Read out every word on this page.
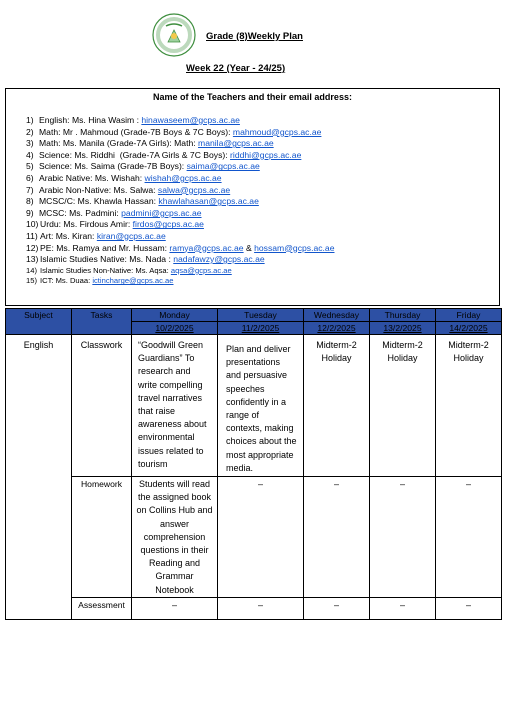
Grade (8)Weekly Plan
Week 22 (Year - 24/25)
Name of the Teachers and their email address:
1) English: Ms. Hina Wasim : hinawaseem@gcps.ac.ae
2) Math: Mr . Mahmoud (Grade-7B Boys & 7C Boys): mahmoud@gcps.ac.ae
3) Math: Ms. Manila (Grade-7A Girls): Math: manila@gcps.ac.ae
4) Science: Ms. Riddhi  (Grade-7A Girls & 7C Boys): riddhi@gcps.ac.ae
5) Science: Ms. Saima (Grade-7B Boys): saima@gcps.ac.ae
6) Arabic Native: Ms. Wishah: wishah@gcps.ac.ae
7) Arabic Non-Native: Ms. Salwa: salwa@gcps.ac.ae
8) MCSC/C: Ms. Khawla Hassan: khawlahasan@gcps.ac.ae
9) MCSC: Ms. Padmini: padmini@gcps.ac.ae
10) Urdu: Ms. Firdous Amir: firdos@gcps.ac.ae
11) Art: Ms. Kiran: kiran@gcps.ac.ae
12) PE: Ms. Ramya and Mr. Hussam: ramya@gcps.ac.ae & hossam@gcps.ac.ae
13) Islamic Studies Native: Ms. Nada : nadafawzy@gcps.ac.ae
14) Islamic Studies Non-Native: Ms. Aqsa: aqsa@gcps.ac.ae
15) ICT: Ms. Duaa: ictincharge@gcps.ac.ae
Subject	Tasks	Monday	Tuesday	Wednesday	Thursday	Friday
		10/2/2025	11/2/2025	12/2/2025	13/2/2025	14/2/2025
English	Classwork	“Goodwill Green Guardians” To research and write compelling travel narratives that raise awareness about environmental issues related to tourism	Plan and deliver presentations and persuasive speeches confidently in a range of contexts, making choices about the most appropriate media.	Midterm-2 Holiday	Midterm-2 Holiday	Midterm-2 Holiday
	Homework	Students will read the assigned book on Collins Hub and answer comprehension questions in their Reading and Grammar Notebook	–	–	–	–
	Assessment	–	–	–	–	–
